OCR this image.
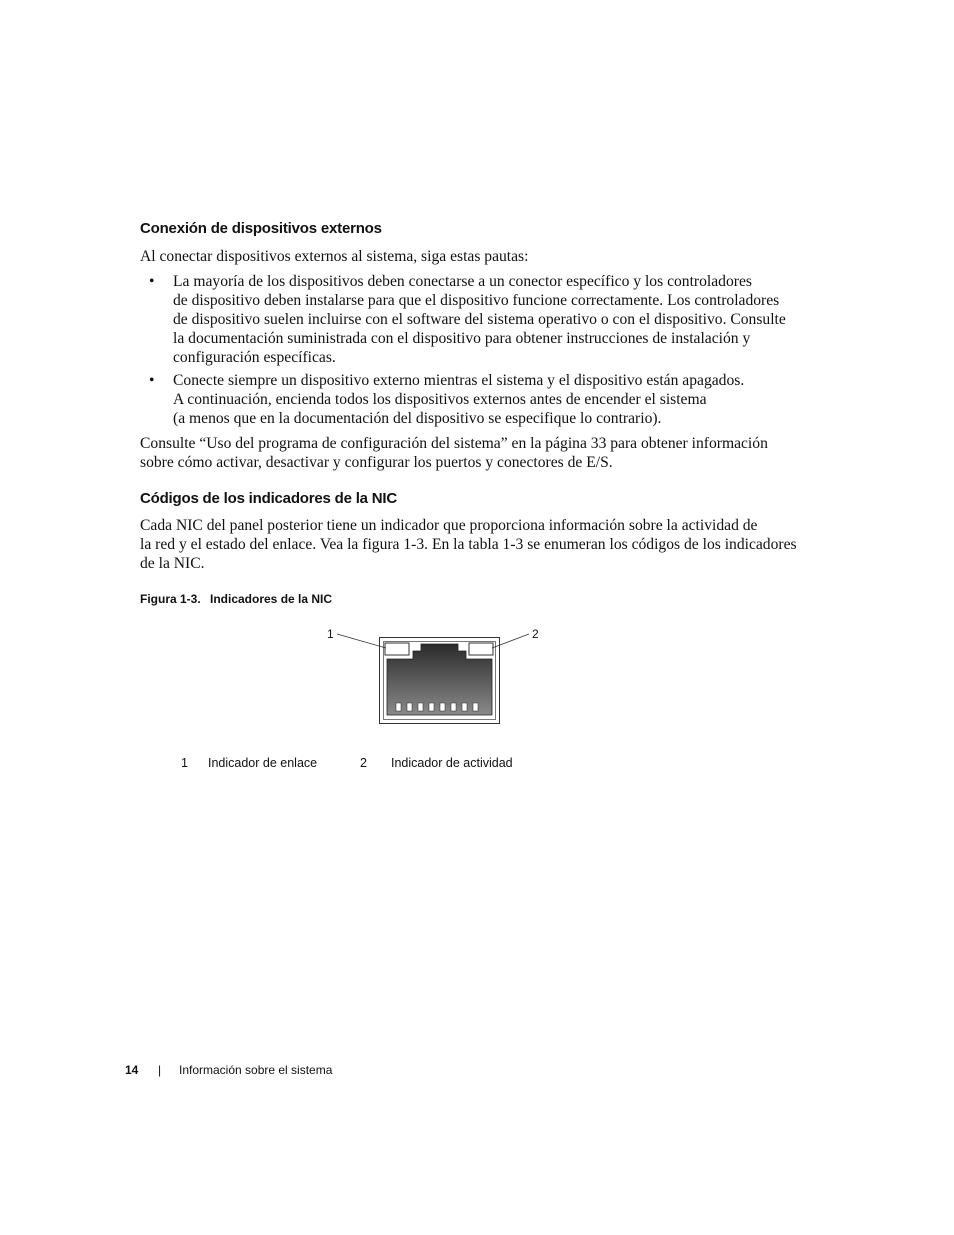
Conexión de dispositivos externos

Al conectar dispositivos externos al sistema, siga estas pautas:

• La mayoría de los dispositivos deben conectarse a un conector específico y los controladores
de dispositivo deben instalarse para que el dispositivo funcione correctamente. Los controladores
de dispositivo suelen incluirse con el software del sistema operativo o con el dispositivo. Consulte
la documentación suministrada con el dispositivo para obtener instrucciones de instalación y
configuración específicas.

• Conecte siempre un dispositivo externo mientras el sistema y el dispositivo están apagados.
A continuación, encienda todos los dispositivos externos antes de encender el sistema
(a menos que en la documentación del dispositivo se especifique lo contrario).

Consulte “Uso del programa de configuración del sistema” en la página 33 para obtener información
sobre cómo activar, desactivar y configurar los puertos y conectores de E/S.

Códigos de los indicadores de la NIC

Cada NIC del panel posterior tiene un indicador que proporciona información sobre la actividad de
la red y el estado del enlace. Vea la figura 1-3. En la tabla 1-3 se enumeran los códigos de los indicadores
de la NIC.

Figura 1-3. Indicadores de la NIC
1	2
1 Indicador de enlace	2 Indicador de actividad
14 | Información sobre el sistema
